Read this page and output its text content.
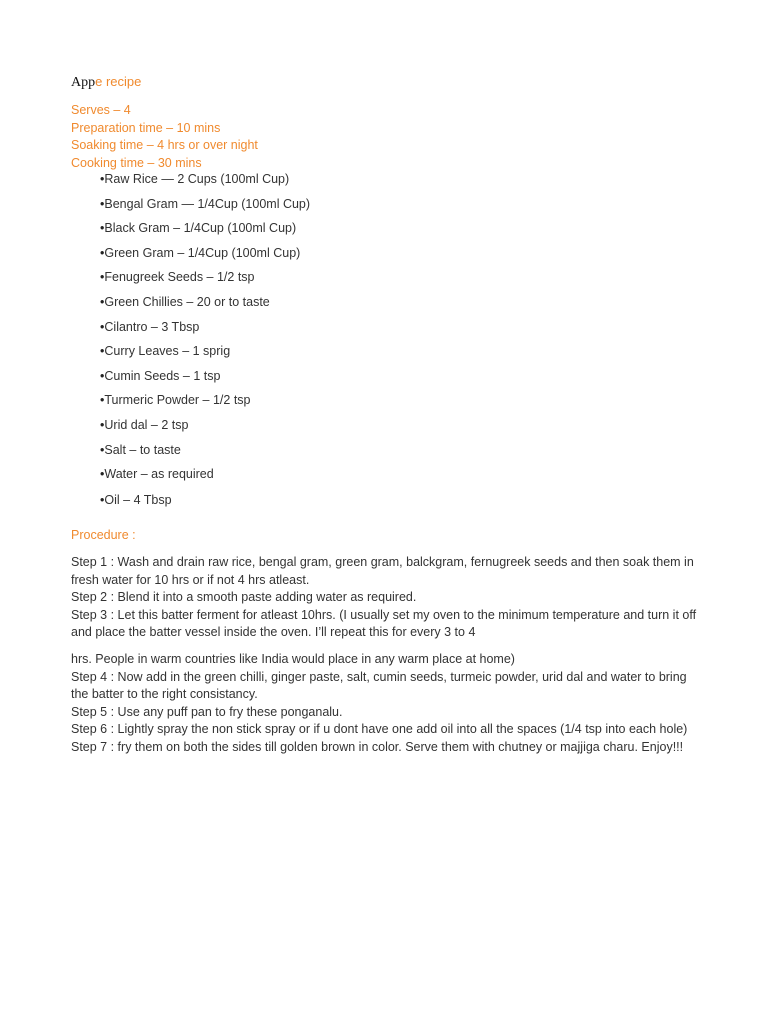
Appe recipe
Serves – 4
Preparation time – 10 mins
Soaking time – 4 hrs or over night
Cooking time – 30 mins
•Raw Rice — 2 Cups (100ml Cup)
•Bengal Gram — 1/4Cup (100ml Cup)
•Black Gram – 1/4Cup (100ml Cup)
•Green Gram – 1/4Cup (100ml Cup)
•Fenugreek Seeds – 1/2 tsp
•Green Chillies – 20 or to taste
•Cilantro – 3 Tbsp
•Curry Leaves – 1 sprig
•Cumin Seeds – 1 tsp
•Turmeric Powder – 1/2 tsp
•Urid dal – 2 tsp
•Salt – to taste
•Water – as required
•Oil – 4 Tbsp
Procedure :

Step 1 : Wash and drain raw rice, bengal gram, green gram, balckgram, fernugreek seeds and then soak them in fresh water for 10 hrs or if not 4 hrs atleast.

Step 2 : Blend it into a smooth paste adding water as required.

Step 3 : Let this batter ferment for atleast 10hrs. (I usually set my oven to the minimum temperature and turn it off and place the batter vessel inside the oven. I’ll repeat this for every 3 to 4

hrs. People in warm countries like India would place in any warm place at home)

Step 4 : Now add in the green chilli, ginger paste, salt, cumin seeds, turmeic powder, urid dal and water to bring the batter to the right consistancy.

Step 5 : Use any puff pan to fry these ponganalu.

Step 6 : Lightly spray the non stick spray or if u dont have one add oil into all the spaces (1/4 tsp into each hole)

Step 7 : fry them on both the sides till golden brown in color. Serve them with chutney or majjiga charu. Enjoy!!!
